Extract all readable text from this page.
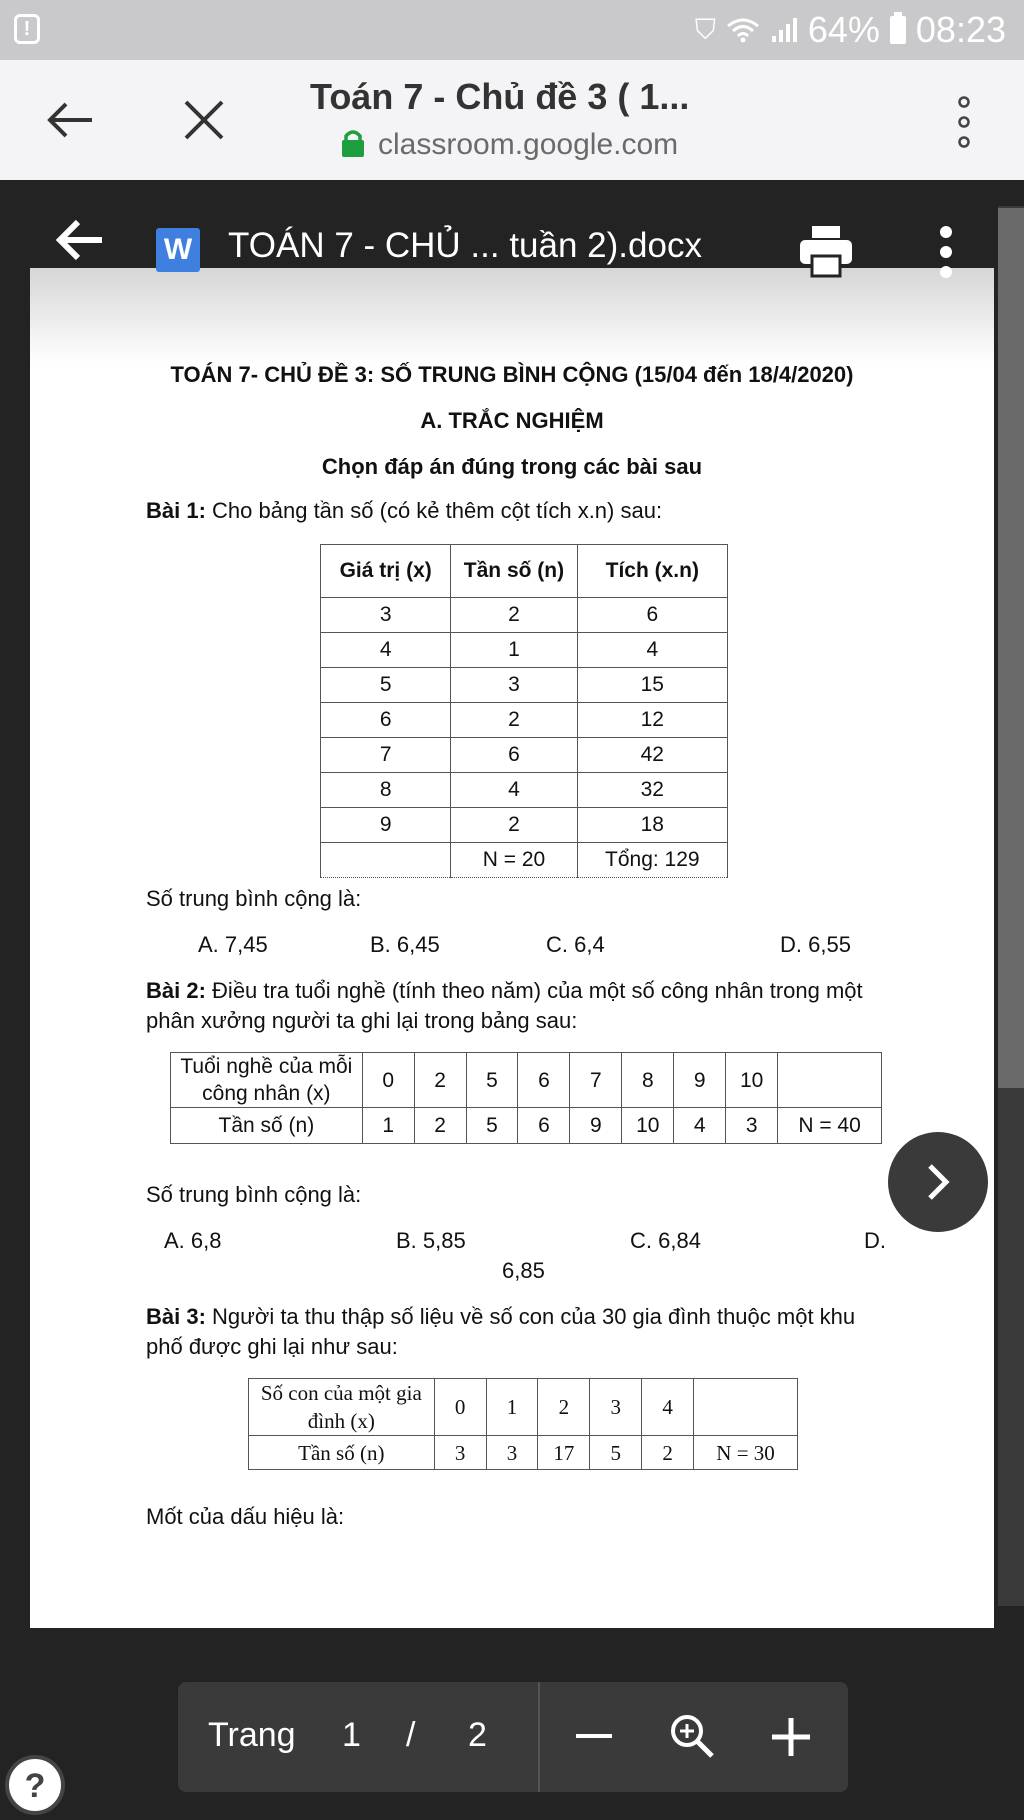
!	⛉	64% 08:23
Toán 7 - Chủ đề 3 ( 1...
classroom.google.com
TOÁN 7- CHỦ ĐỀ 3: SỐ TRUNG BÌNH CỘNG (15/04 đến 18/4/2020)
A. TRẮC NGHIỆM
Chọn đáp án đúng trong các bài sau
Bài 1: Cho bảng tần số (có kẻ thêm cột tích x.n) sau:
Giá trị (x)	Tần số (n)	Tích (x.n)
3	2	6
4	1	4
5	3	15
6	2	12
7	6	42
8	4	32
9	2	18
	N = 20	Tổng: 129
Số trung bình cộng là:
A. 7,45	B. 6,45	C. 6,4	D. 6,55
Bài 2: Điều tra tuổi nghề (tính theo năm) của một số công nhân trong một
phân xưởng người ta ghi lại trong bảng sau:
Tuổi nghề của mỗi công nhân (x)	0	2	5	6	7	8	9	10	
Tần số (n)	1	2	5	6	9	10	4	3	N = 40
Số trung bình cộng là:
A. 6,8	B. 5,85	C. 6,84	D.
6,85
Bài 3: Người ta thu thập số liệu về số con của 30 gia đình thuộc một khu
phố được ghi lại như sau:
Số con của một gia đình (x)	0	1	2	3	4	
Tần số (n)	3	3	17	5	2	N = 30
Mốt của dấu hiệu là:
W TOÁN 7 - CHỦ ... tuần 2).docx
Trang 1 / 2
?
